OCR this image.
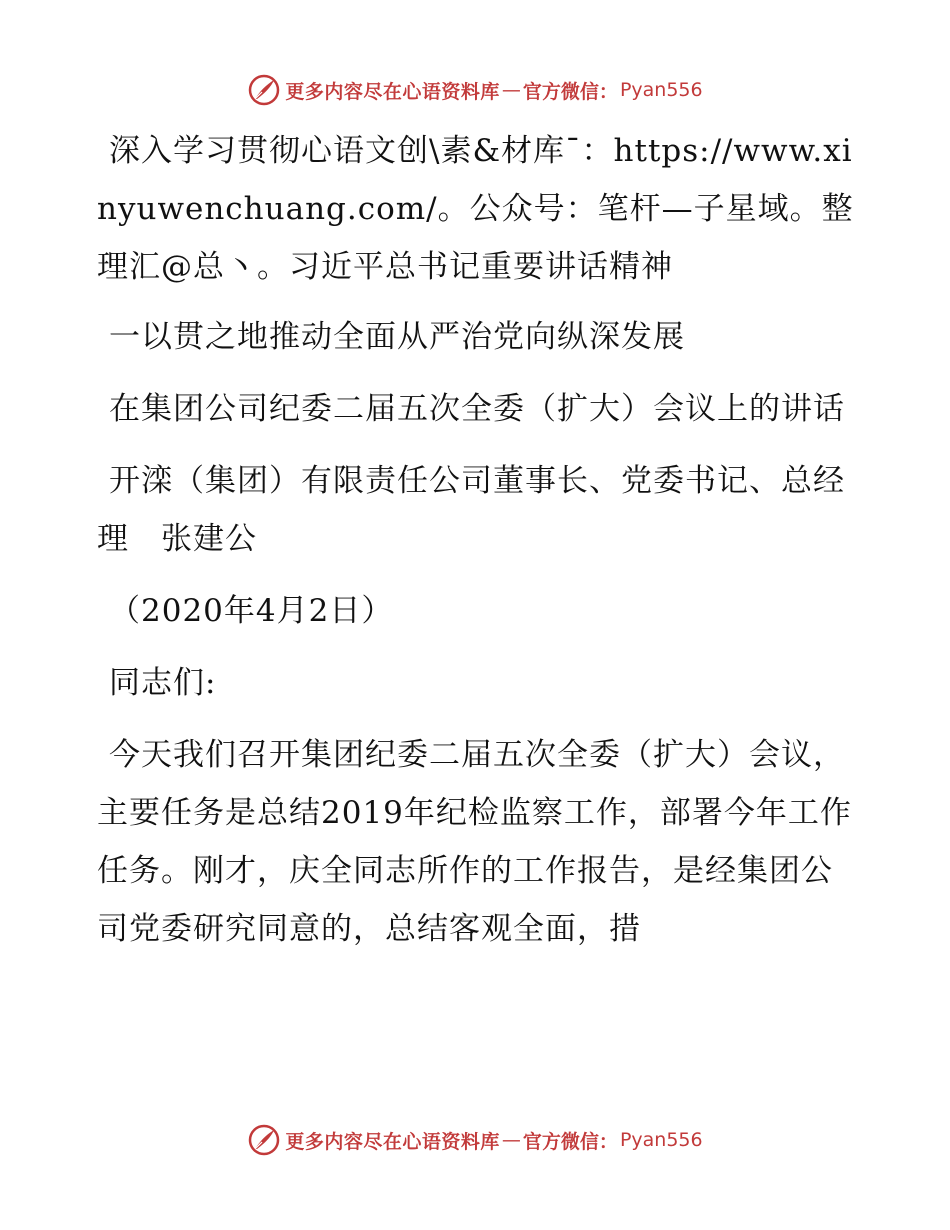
更多内容尽在心语资料库 — 官方微信： Pyan556

深入学习贯彻心语文创\素&材库¯：https://www.xinyuwenchuang.com/。公众号：笔杆—子星域。整理汇@总丶。习近平总书记重要讲话精神

一以贯之地推动全面从严治党向纵深发展

在集团公司纪委二届五次全委（扩大）会议上的讲话

开滦（集团）有限责任公司董事长、党委书记、总经理　张建公

（2020年4月2日）

同志们:

今天我们召开集团纪委二届五次全委（扩大）会议，主要任务是总结2019年纪检监察工作，部署今年工作任务。刚才，庆全同志所作的工作报告，是经集团公司党委研究同意的，总结客观全面，措

更多内容尽在心语资料库 — 官方微信： Pyan556
